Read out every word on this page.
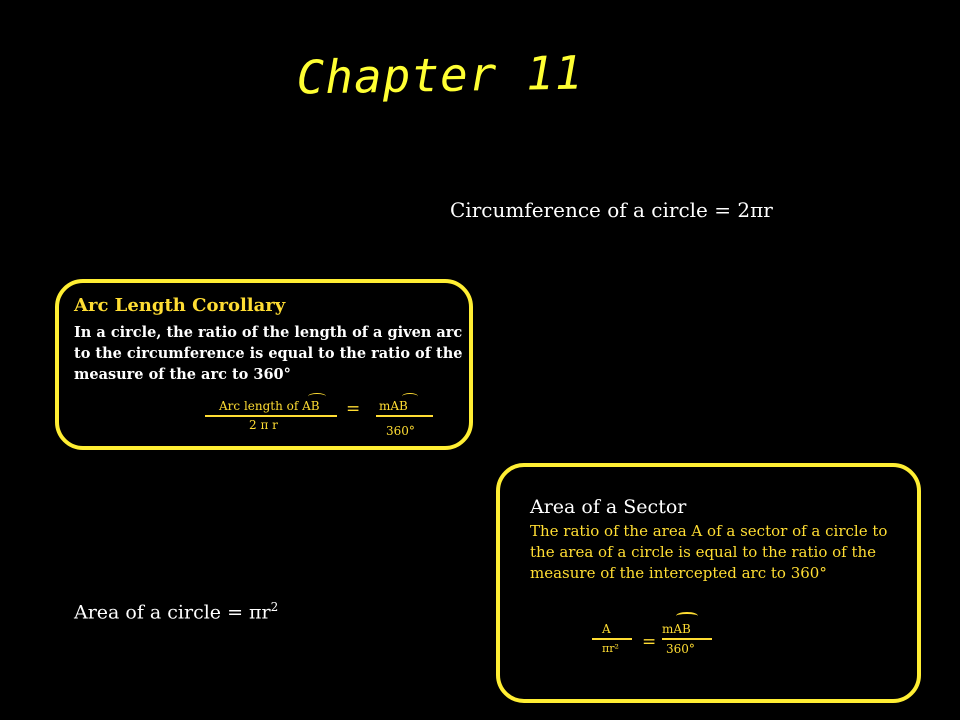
Chapter 11
Circumference of a circle = 2πr
Arc Length Corollary
In a circle, the ratio of the length of a given arc to the circumference is equal to the ratio of the measure of the arc to 360°
Arc length of AB
2 π r
= mAB
360°
Area of a Sector
The ratio of the area A of a sector of a circle to the area of a circle is equal to the ratio of the measure of the intercepted arc to 360°
A
πr² =
mAB
360°
Area of a circle = $\pi r^2$
